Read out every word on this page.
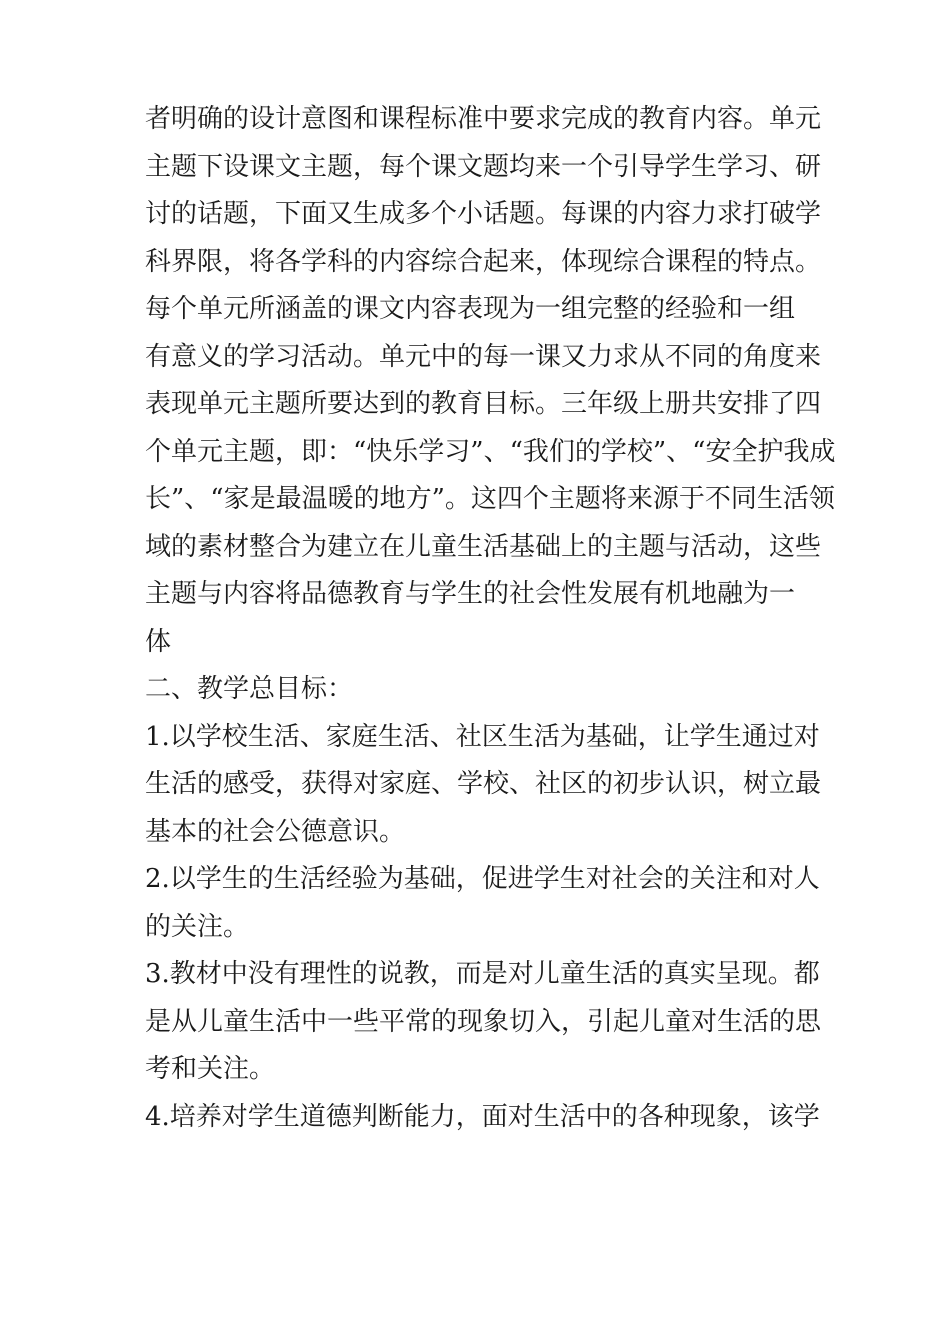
者明确的设计意图和课程标准中要求完成的教育内容。单元

主题下设课文主题，每个课文题均来一个引导学生学习、研

讨的话题，下面又生成多个小话题。每课的内容力求打破学

科界限，将各学科的内容综合起来，体现综合课程的特点。

每个单元所涵盖的课文内容表现为一组完整的经验和一组

有意义的学习活动。单元中的每一课又力求从不同的角度来

表现单元主题所要达到的教育目标。三年级上册共安排了四

个单元主题，即：“快乐学习”、“我们的学校”、“安全护我成

长”、“家是最温暖的地方”。这四个主题将来源于不同生活领

域的素材整合为建立在儿童生活基础上的主题与活动，这些

主题与内容将品德教育与学生的社会性发展有机地融为一

体

二、教学总目标：

1.以学校生活、家庭生活、社区生活为基础，让学生通过对

生活的感受，获得对家庭、学校、社区的初步认识，树立最

基本的社会公德意识。

2.以学生的生活经验为基础，促进学生对社会的关注和对人

的关注。

3.教材中没有理性的说教，而是对儿童生活的真实呈现。都

是从儿童生活中一些平常的现象切入，引起儿童对生活的思

考和关注。

4.培养对学生道德判断能力，面对生活中的各种现象，该学
